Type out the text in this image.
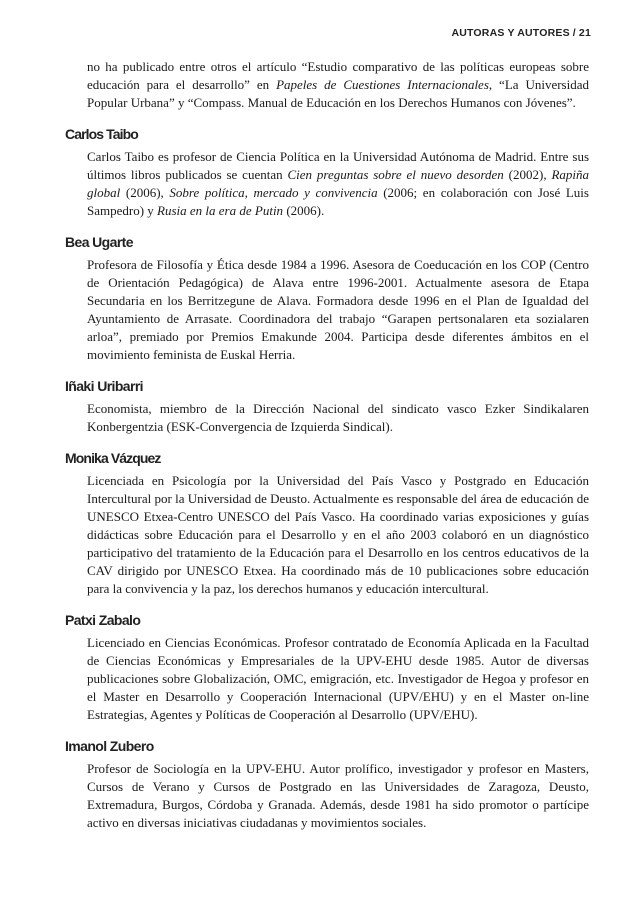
AUTORAS Y AUTORES / 21

no ha publicado entre otros el artículo “Estudio comparativo de las políticas europeas sobre educación para el desarrollo” en Papeles de Cuestiones Internacionales, “La Universidad Popular Urbana” y “Compass. Manual de Educación en los Derechos Humanos con Jóvenes”.

Carlos Taibo

Carlos Taibo es profesor de Ciencia Política en la Universidad Autónoma de Madrid. Entre sus últimos libros publicados se cuentan Cien preguntas sobre el nuevo desorden (2002), Rapiña global (2006), Sobre política, mercado y convivencia (2006; en colaboración con José Luis Sampedro) y Rusia en la era de Putin (2006).

Bea Ugarte

Profesora de Filosofía y Ética desde 1984 a 1996. Asesora de Coeducación en los COP (Centro de Orientación Pedagógica) de Alava entre 1996-2001. Actualmente asesora de Etapa Secundaria en los Berritzegune de Alava. Formadora desde 1996 en el Plan de Igualdad del Ayuntamiento de Arrasate. Coordinadora del trabajo “Garapen pertsonalaren eta sozialaren arloa”, premiado por Premios Emakunde 2004. Participa desde diferentes ámbitos en el movimiento feminista de Euskal Herria.

Iñaki Uribarri

Economista, miembro de la Dirección Nacional del sindicato vasco Ezker Sindikalaren Konbergentzia (ESK-Convergencia de Izquierda Sindical).

Monika Vázquez

Licenciada en Psicología por la Universidad del País Vasco y Postgrado en Educación Intercultural por la Universidad de Deusto. Actualmente es responsable del área de educación de UNESCO Etxea-Centro UNESCO del País Vasco. Ha coordinado varias exposiciones y guías didácticas sobre Educación para el Desarrollo y en el año 2003 colaboró en un diagnóstico participativo del tratamiento de la Educación para el Desarrollo en los centros educativos de la CAV dirigido por UNESCO Etxea. Ha coordinado más de 10 publicaciones sobre educación para la convivencia y la paz, los derechos humanos y educación intercultural.

Patxi Zabalo

Licenciado en Ciencias Económicas. Profesor contratado de Economía Aplicada en la Facultad de Ciencias Económicas y Empresariales de la UPV-EHU desde 1985. Autor de diversas publicaciones sobre Globalización, OMC, emigración, etc. Investigador de Hegoa y profesor en el Master en Desarrollo y Cooperación Internacional (UPV/EHU) y en el Master on-line Estrategias, Agentes y Políticas de Cooperación al Desarrollo (UPV/EHU).

Imanol Zubero

Profesor de Sociología en la UPV-EHU. Autor prolífico, investigador y profesor en Masters, Cursos de Verano y Cursos de Postgrado en las Universidades de Zaragoza, Deusto, Extremadura, Burgos, Córdoba y Granada. Además, desde 1981 ha sido promotor o partícipe activo en diversas iniciativas ciudadanas y movimientos sociales.
